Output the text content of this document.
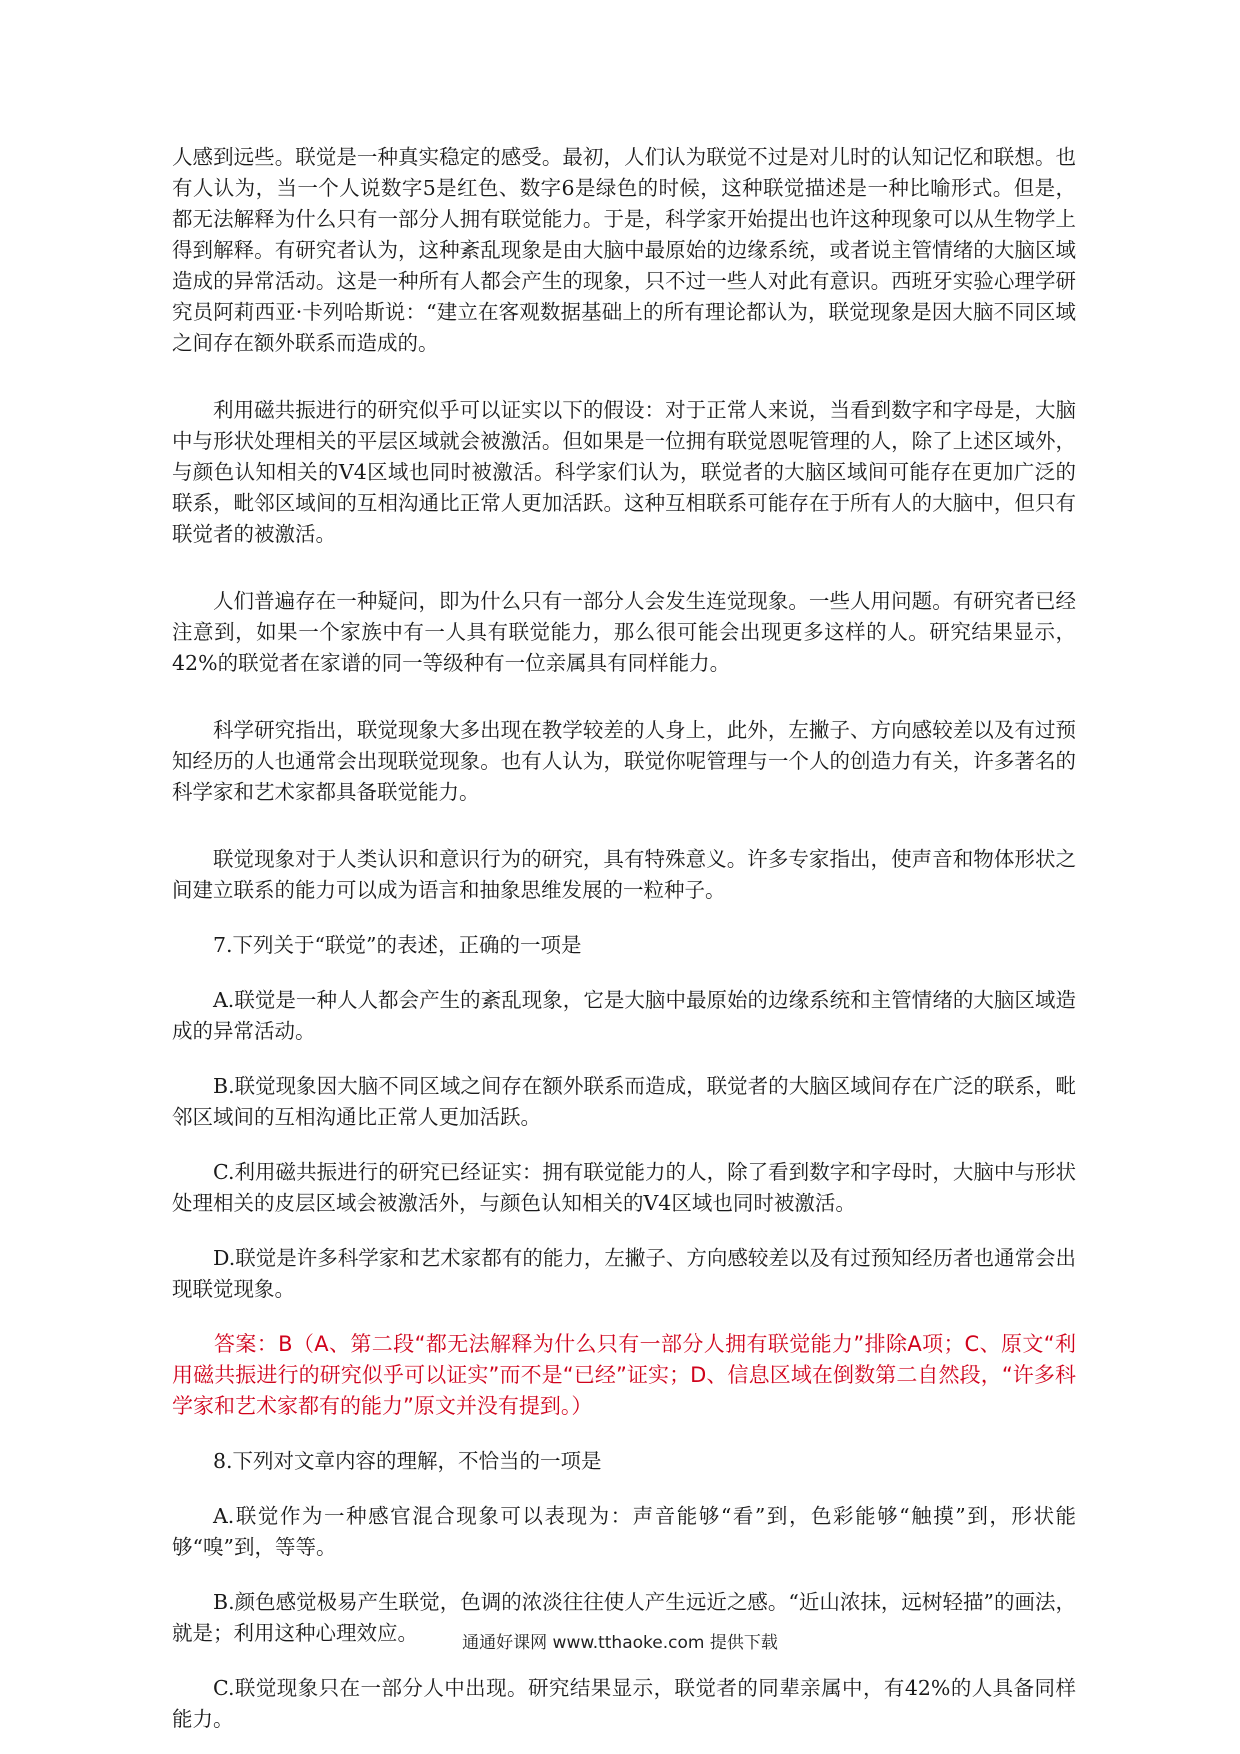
人感到远些。联觉是一种真实稳定的感受。最初，人们认为联觉不过是对儿时的认知记忆和联想。也有人认为，当一个人说数字5是红色、数字6是绿色的时候，这种联觉描述是一种比喻形式。但是，都无法解释为什么只有一部分人拥有联觉能力。于是，科学家开始提出也许这种现象可以从生物学上得到解释。有研究者认为，这种紊乱现象是由大脑中最原始的边缘系统，或者说主管情绪的大脑区域造成的异常活动。这是一种所有人都会产生的现象，只不过一些人对此有意识。西班牙实验心理学研究员阿莉西亚·卡列哈斯说：“建立在客观数据基础上的所有理论都认为，联觉现象是因大脑不同区域之间存在额外联系而造成的。

利用磁共振进行的研究似乎可以证实以下的假设：对于正常人来说，当看到数字和字母是，大脑中与形状处理相关的平层区域就会被激活。但如果是一位拥有联觉恩呢管理的人，除了上述区域外，与颜色认知相关的V4区域也同时被激活。科学家们认为，联觉者的大脑区域间可能存在更加广泛的联系，毗邻区域间的互相沟通比正常人更加活跃。这种互相联系可能存在于所有人的大脑中，但只有联觉者的被激活。

人们普遍存在一种疑问，即为什么只有一部分人会发生连觉现象。一些人用问题。有研究者已经注意到，如果一个家族中有一人具有联觉能力，那么很可能会出现更多这样的人。研究结果显示，42%的联觉者在家谱的同一等级种有一位亲属具有同样能力。

科学研究指出，联觉现象大多出现在教学较差的人身上，此外，左撇子、方向感较差以及有过预知经历的人也通常会出现联觉现象。也有人认为，联觉你呢管理与一个人的创造力有关，许多著名的科学家和艺术家都具备联觉能力。

联觉现象对于人类认识和意识行为的研究，具有特殊意义。许多专家指出，使声音和物体形状之间建立联系的能力可以成为语言和抽象思维发展的一粒种子。

7.下列关于“联觉”的表述，正确的一项是

A.联觉是一种人人都会产生的紊乱现象，它是大脑中最原始的边缘系统和主管情绪的大脑区域造成的异常活动。

B.联觉现象因大脑不同区域之间存在额外联系而造成，联觉者的大脑区域间存在广泛的联系，毗邻区域间的互相沟通比正常人更加活跃。

C.利用磁共振进行的研究已经证实：拥有联觉能力的人，除了看到数字和字母时，大脑中与形状处理相关的皮层区域会被激活外，与颜色认知相关的V4区域也同时被激活。

D.联觉是许多科学家和艺术家都有的能力，左撇子、方向感较差以及有过预知经历者也通常会出现联觉现象。

答案：B（A、第二段“都无法解释为什么只有一部分人拥有联觉能力”排除A项；C、原文“利用磁共振进行的研究似乎可以证实”而不是“已经”证实；D、信息区域在倒数第二自然段，“许多科学家和艺术家都有的能力”原文并没有提到。）

8.下列对文章内容的理解，不恰当的一项是

A.联觉作为一种感官混合现象可以表现为：声音能够“看”到，色彩能够“触摸”到，形状能够“嗅”到，等等。

B.颜色感觉极易产生联觉，色调的浓淡往往使人产生远近之感。“近山浓抹，远树轻描”的画法，就是；利用这种心理效应。

C.联觉现象只在一部分人中出现。研究结果显示，联觉者的同辈亲属中，有42%的人具备同样能力。

通通好课网 www.tthaoke.com 提供下载
